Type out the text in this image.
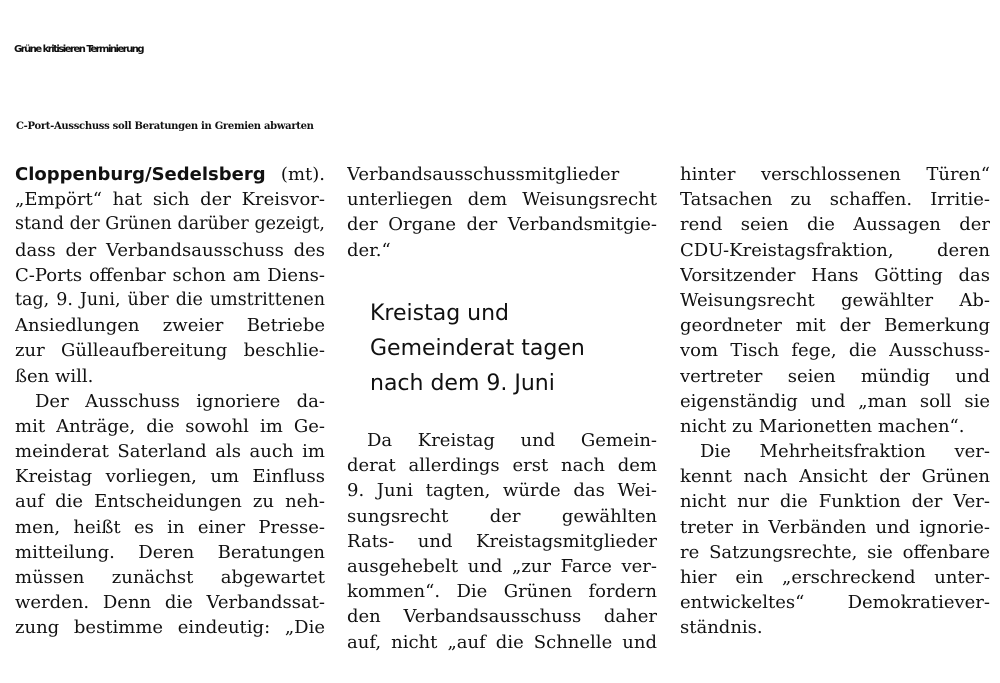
Grüne kritisieren Terminierung
C-Port-Ausschuss soll Beratungen in Gremien abwarten
Cloppenburg/Sedelsberg (mt).
„Empört“ hat sich der Kreisvor-
stand der Grünen darüber gezeigt,
dass der Verbandsausschuss des
C-Ports offenbar schon am Diens-
tag, 9. Juni, über die umstrittenen
Ansiedlungen zweier Betriebe
zur Gülleaufbereitung beschlie-
ßen will.
Der Ausschuss ignoriere da-
mit Anträge, die sowohl im Ge-
meinderat Saterland als auch im
Kreistag vorliegen, um Einfluss
auf die Entscheidungen zu neh-
men, heißt es in einer Presse-
mitteilung. Deren Beratungen
müssen zunächst abgewartet
werden. Denn die Verbandssat-
zung bestimme eindeutig: „Die
Verbandsausschussmitglieder
unterliegen dem Weisungsrecht
der Organe der Verbandsmitgie-
der.“
Kreistag und
Gemeinderat tagen
nach dem 9. Juni
Da Kreistag und Gemein-
derat allerdings erst nach dem
9. Juni tagten, würde das Wei-
sungsrecht der gewählten
Rats- und Kreistagsmitglieder
ausgehebelt und „zur Farce ver-
kommen“. Die Grünen fordern
den Verbandsausschuss daher
auf, nicht „auf die Schnelle und
hinter verschlossenen Türen“
Tatsachen zu schaffen. Irritie-
rend seien die Aussagen der
CDU-Kreistagsfraktion, deren
Vorsitzender Hans Götting das
Weisungsrecht gewählter Ab-
geordneter mit der Bemerkung
vom Tisch fege, die Ausschuss-
vertreter seien mündig und
eigenständig und „man soll sie
nicht zu Marionetten machen“.
Die Mehrheitsfraktion ver-
kennt nach Ansicht der Grünen
nicht nur die Funktion der Ver-
treter in Verbänden und ignorie-
re Satzungsrechte, sie offenbare
hier ein „erschreckend unter-
entwickeltes“ Demokratiever-
ständnis.
